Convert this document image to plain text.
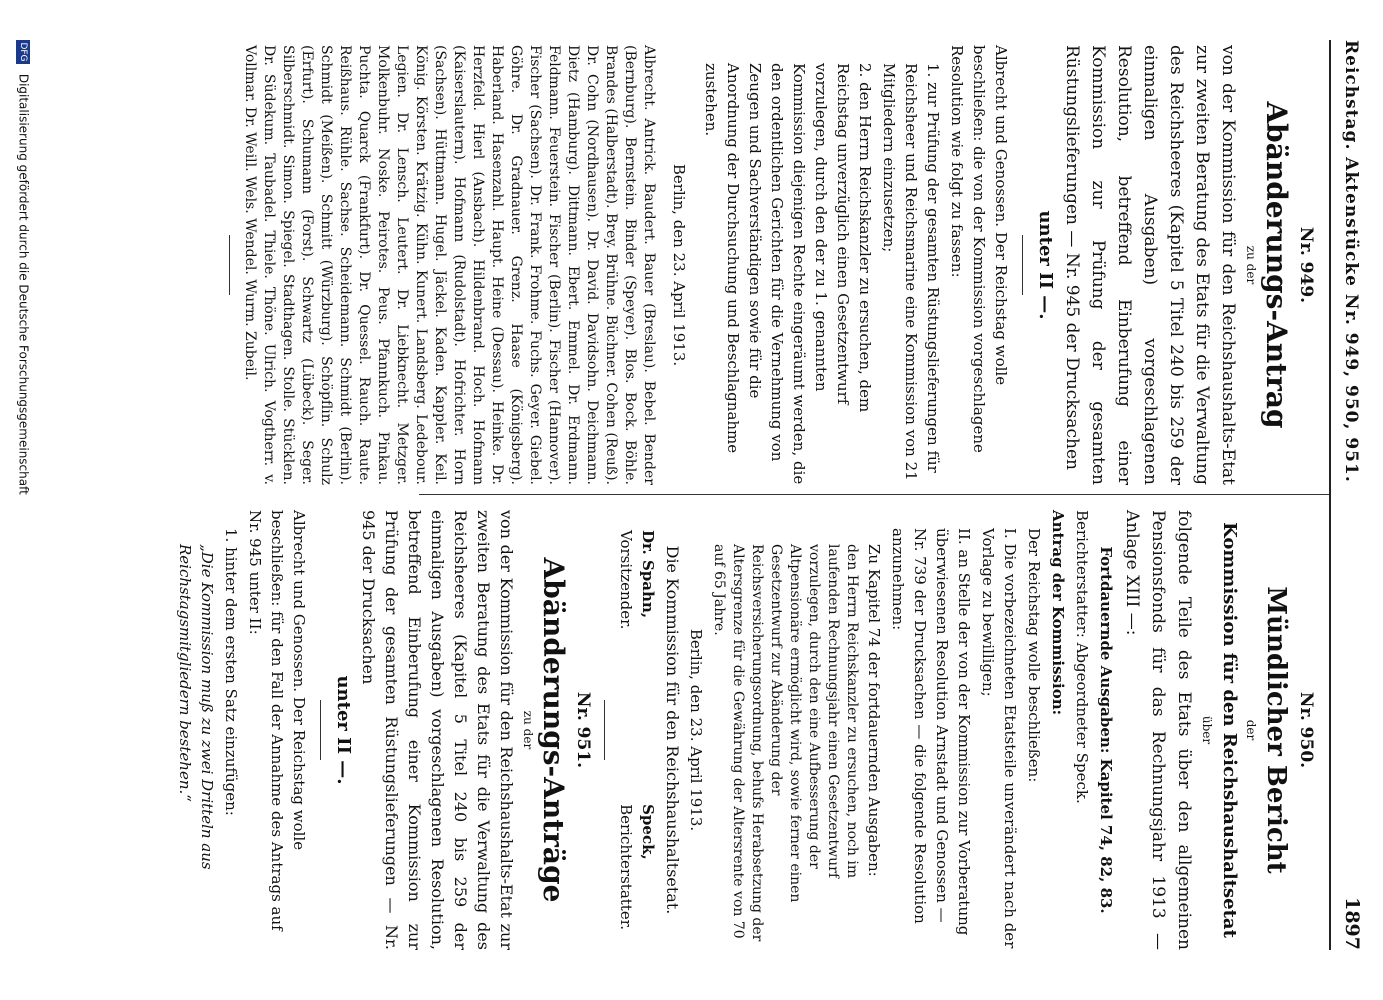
Reichstag. Aktenstücke Nr. 949, 950, 951.
1897
Nr. 949.
Abänderungs-Antrag
zu der

von der Kommission für den Reichshaushalts-Etat zur zweiten Beratung des Etats für die Verwaltung des Reichsheeres (Kapitel 5 Titel 240 bis 259 der einmaligen Ausgaben) vorgeschlagenen Resolution, betreffend Einberufung einer Kommission zur Prüfung der gesamten Rüstungslieferungen — Nr. 945 der Drucksachen

unter II —.

Albrecht und Genossen. Der Reichstag wolle beschließen: die von der Kommission vorgeschlagene Resolution wie folgt zu fassen:

1. zur Prüfung der gesamten Rüstungslieferungen für Reichsheer und Reichsmarine eine Kommission von 21 Mitgliedern einzusetzen;

2. den Herrn Reichskanzler zu ersuchen, dem Reichstag unverzüglich einen Gesetzentwurf vorzulegen, durch den der zu 1. genannten Kommission diejenigen Rechte eingeräumt werden, die den ordentlichen Gerichten für die Vernehmung von Zeugen und Sachverständigen sowie für die Anordnung der Durchsuchung und Beschlagnahme zustehen.

Berlin, den 23. April 1913.

Albrecht. Antrick. Baudert. Bauer (Breslau). Bebel. Bender (Bernburg). Bernstein. Binder (Speyer). Blos. Bock. Böhle. Brandes (Halberstadt). Brey. Brühne. Büchner. Cohen (Reuß). Dr. Cohn (Nordhausen). Dr. David. Davidsohn. Deichmann. Dietz (Hamburg). Dittmann. Ebert. Emmel. Dr. Erdmann. Feldmann. Feuerstein. Fischer (Berlin). Fischer (Hannover). Fischer (Sachsen). Dr. Frank. Frohme. Fuchs. Geyer. Giebel. Göhre. Dr. Gradnauer. Grenz. Haase (Königsberg). Haberland. Hasenzahl. Haupt. Heine (Dessau). Heinke. Dr. Herzfeld. Hierl (Ansbach). Hildenbrand. Hoch. Hofmann (Kaiserslautern). Hofmann (Rudolstadt). Hofrichter. Horn (Sachsen). Hüttmann. Hugel. Jäckel. Kaden. Kappler. Keil. König. Körsten. Krätzig. Kühn. Kunert. Landsberg. Ledebour. Legien. Dr. Lensch. Leutert. Dr. Liebknecht. Metzger. Molkenbuhr. Noske. Peirotes. Peus. Pfannkuch. Pinkau. Puchta. Quarck (Frankfurt). Dr. Quessel. Rauch. Raute. Reißhaus. Rühle. Sachse. Scheidemann. Schmidt (Berlin). Schmidt (Meißen). Schmitt (Würzburg). Schöpflin. Schulz (Erfurt). Schumann (Forst). Schwartz (Lübeck). Seger. Silberschmidt. Simon. Spiegel. Stadthagen. Stolle. Stücklen. Dr. Südekum. Taubadel. Thiele. Thöne. Ulrich. Vogtherr. v. Vollmar. Dr. Weill. Wels. Wendel. Wurm. Zubeil.

Nr. 950.
Mündlicher Bericht
der

Kommission für den Reichshaushaltsetat

über

folgende Teile des Etats über den allgemeinen Pensionsfonds für das Rechnungsjahr 1913 — Anlage XIII —:

Fortdauernde Ausgaben: Kapitel 74, 82, 83.

Berichterstatter: Abgeordneter Speck.

Antrag der Kommission:

Der Reichstag wolle beschließen:

I. Die vorbezeichneten Etatsteile unverändert nach der Vorlage zu bewilligen;

II. an Stelle der von der Kommission zur Vorberatung überwiesenen Resolution Arnstadt und Genossen — Nr. 739 der Drucksachen — die folgende Resolution anzunehmen:

Zu Kapitel 74 der fortdauernden Ausgaben:

den Herrn Reichskanzler zu ersuchen, noch im laufenden Rechnungsjahr einen Gesetzentwurf vorzulegen, durch den eine Aufbesserung der Altpensionäre ermöglicht wird, sowie ferner einen Gesetzentwurf zur Abänderung der Reichsversicherungsordnung, behufs Herabsetzung der Altersgrenze für die Gewährung der Altersrente von 70 auf 65 Jahre.

Berlin, den 23. April 1913.

Die Kommission für den Reichshaushaltsetat.

Dr. Spahn,
Vorsitzender.
Speck,
Berichterstatter.
Nr. 951.
Abänderungs-Anträge
zu der

von der Kommission für den Reichshaushalts-Etat zur zweiten Beratung des Etats für die Verwaltung des Reichsheeres (Kapitel 5 Titel 240 bis 259 der einmaligen Ausgaben) vorgeschlagenen Resolution, betreffend Einberufung einer Kommission zur Prüfung der gesamten Rüstungslieferungen — Nr. 945 der Drucksachen

unter II —.

Albrecht und Genossen. Der Reichstag wolle beschließen: für den Fall der Annahme des Antrags auf Nr. 945 unter II:

1. hinter dem ersten Satz einzufügen:

„Die Kommission muß zu zwei Dritteln aus Reichstagsmitgliedern bestehen.“

DFG Digitalisierung gefördert durch die Deutsche Forschungsgemeinschaft
